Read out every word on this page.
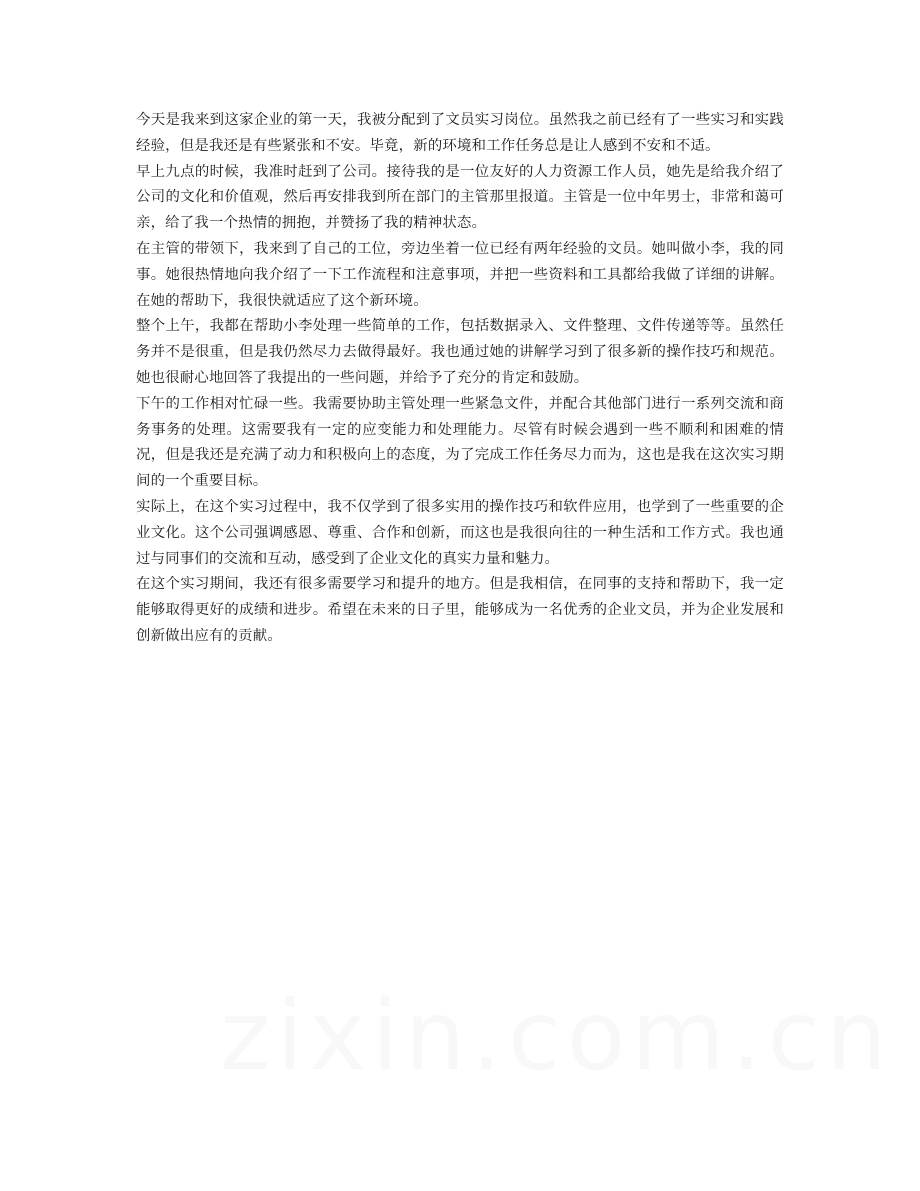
今天是我来到这家企业的第一天，我被分配到了文员实习岗位。虽然我之前已经有了一些实习和实践经验，但是我还是有些紧张和不安。毕竟，新的环境和工作任务总是让人感到不安和不适。

早上九点的时候，我准时赶到了公司。接待我的是一位友好的人力资源工作人员，她先是给我介绍了公司的文化和价值观，然后再安排我到所在部门的主管那里报道。主管是一位中年男士，非常和蔼可亲，给了我一个热情的拥抱，并赞扬了我的精神状态。

在主管的带领下，我来到了自己的工位，旁边坐着一位已经有两年经验的文员。她叫做小李，我的同事。她很热情地向我介绍了一下工作流程和注意事项，并把一些资料和工具都给我做了详细的讲解。在她的帮助下，我很快就适应了这个新环境。

整个上午，我都在帮助小李处理一些简单的工作，包括数据录入、文件整理、文件传递等等。虽然任务并不是很重，但是我仍然尽力去做得最好。我也通过她的讲解学习到了很多新的操作技巧和规范。她也很耐心地回答了我提出的一些问题，并给予了充分的肯定和鼓励。

下午的工作相对忙碌一些。我需要协助主管处理一些紧急文件，并配合其他部门进行一系列交流和商务事务的处理。这需要我有一定的应变能力和处理能力。尽管有时候会遇到一些不顺利和困难的情况，但是我还是充满了动力和积极向上的态度，为了完成工作任务尽力而为，这也是我在这次实习期间的一个重要目标。

实际上，在这个实习过程中，我不仅学到了很多实用的操作技巧和软件应用，也学到了一些重要的企业文化。这个公司强调感恩、尊重、合作和创新，而这也是我很向往的一种生活和工作方式。我也通过与同事们的交流和互动，感受到了企业文化的真实力量和魅力。

在这个实习期间，我还有很多需要学习和提升的地方。但是我相信，在同事的支持和帮助下，我一定能够取得更好的成绩和进步。希望在未来的日子里，能够成为一名优秀的企业文员，并为企业发展和创新做出应有的贡献。
